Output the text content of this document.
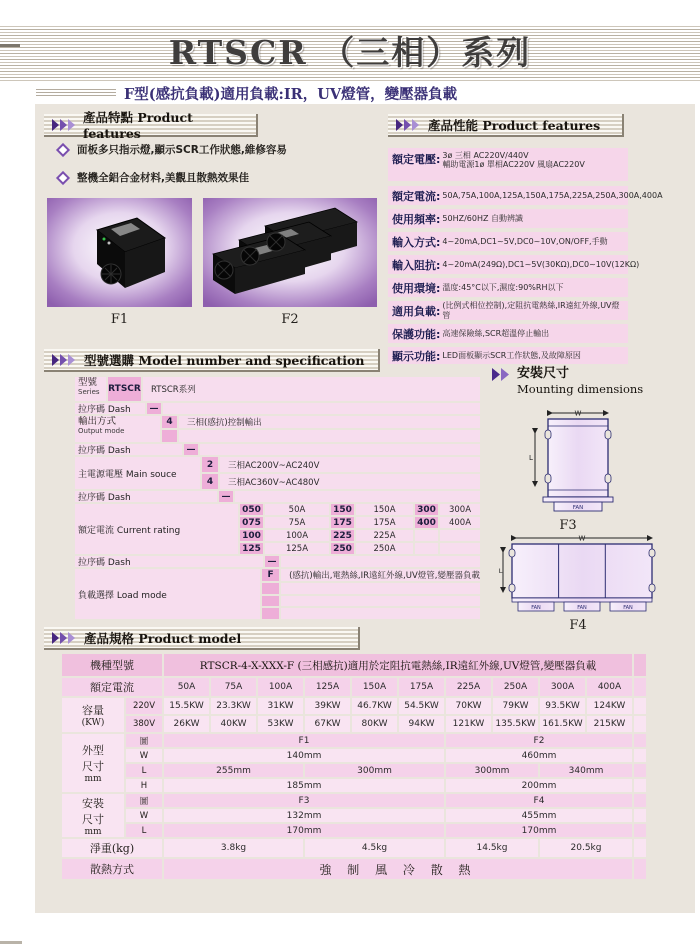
RTSCR （三相）系列
F型(感抗負載)適用負載:IR，UV燈管，變壓器負載
產品特點 Product features
面板多只指示燈,顯示SCR工作狀態,維修容易
整機全鋁合金材料,美觀且散熱效果佳
F1	F2
產品性能 Product features
額定電壓: 3ø 三相 AC220V/440V
輔助電源1ø 單相AC220V 風扇AC220V
額定電流: 50A,75A,100A,125A,150A,175A,225A,250A,300A,400A
使用頻率: 50HZ/60HZ 自動辨識
輸入方式: 4~20mA,DC1~5V,DC0~10V,ON/OFF,手動
輸入阻抗: 4~20mA(249Ω),DC1~5V(30KΩ),DC0~10V(12KΩ)
使用環境: 溫度:45°C以下,濕度:90%RH以下
適用負載: (比例式相位控制),定阻抗電熱絲,IR遠紅外線,UV燈管
保護功能: 高速保險絲,SCR超溫停止輸出
顯示功能: LED面板顯示SCR工作狀態,及故障原因
型號選購 Model number and specification
型號
Series RTSCR	RTSCR系列
拉序碼 Dash	—
輸出方式
Output mode
4	三相(感抗)控制輸出
拉序碼 Dash	—
主電源電壓 Main souce
2	三相AC200V~AC240V
4	三相AC360V~AC480V
拉序碼 Dash	—
額定電流 Current rating
050	50A	150	150A	300	300A
075	75A	175	175A	400	400A
100	100A	225	225A
125	125A	250	250A
拉序碼 Dash	—
負載選擇 Load mode
F	(感抗)輸出,電熱絲,IR遠紅外線,UV燈管,變壓器負載
安裝尺寸
Mounting dimensions
W
L
FAN
F3
W
L
FAN	FAN	FAN
F4
產品規格 Product model
機種型號		RTSCR-4-X-XXX-F (三相感抗)適用於定阻抗電熱絲,IR遠紅外線,UV燈管,變壓器負載										
額定電流		50A	75A	100A	125A	150A	175A	225A	250A	300A	400A	

容量
(KW)	220V	15.5KW	23.3KW	31KW	39KW	46.7KW	54.5KW	70KW	79KW	93.5KW	124KW	
	380V	26KW	40KW	53KW	67KW	80KW	94KW	121KW	135.5KW	161.5KW	215KW	

外型
尺寸
mm	圖	F1						F2				
	W	140mm						460mm				
	L	255mm			300mm			300mm		340mm		
	H	185mm						200mm				

安裝
尺寸
mm	圖	F3						F4				
	W	132mm						455mm				
	L	170mm						170mm				
淨重(kg)		3.8kg			4.5kg			14.5kg		20.5kg		
散熱方式		強 制 風 冷 散 熱										
